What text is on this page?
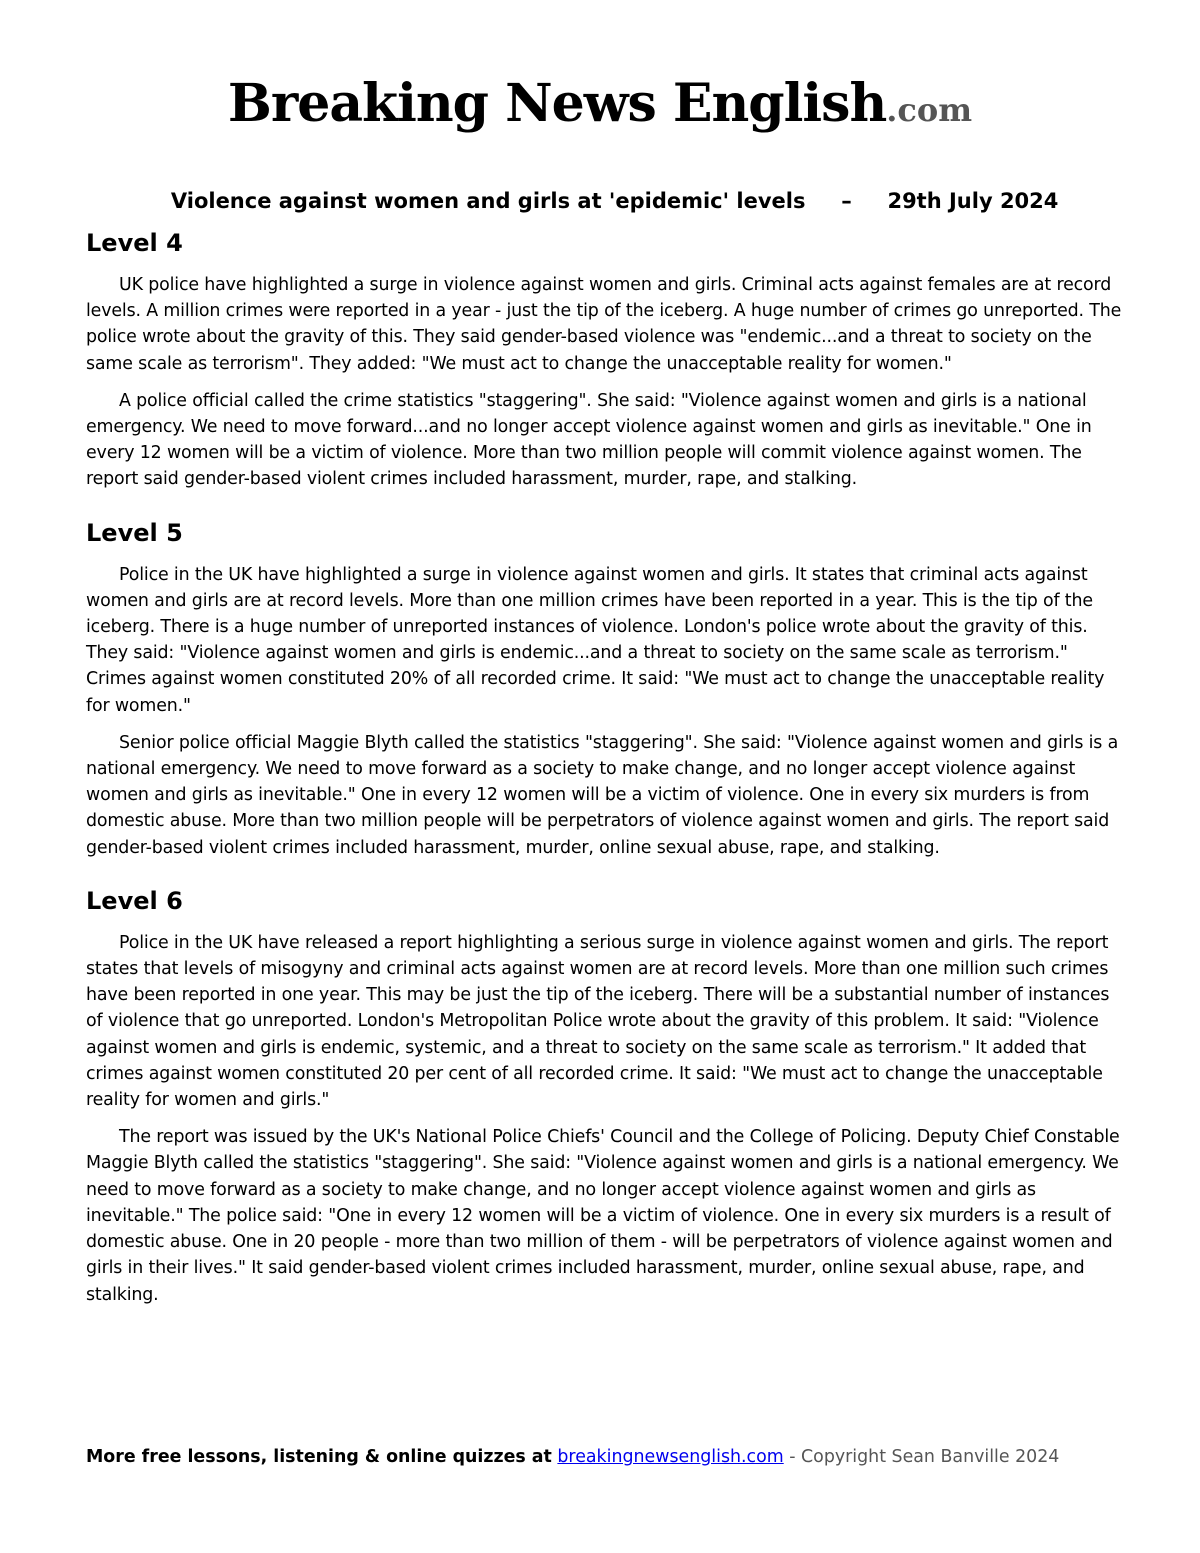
Breaking News English.com

Violence against women and girls at 'epidemic' levels – 29th July 2024

Level 4

UK police have highlighted a surge in violence against women and girls. Criminal acts against females are at record levels. A million crimes were reported in a year - just the tip of the iceberg. A huge number of crimes go unreported. The police wrote about the gravity of this. They said gender-based violence was "endemic...and a threat to society on the same scale as terrorism". They added: "We must act to change the unacceptable reality for women."

A police official called the crime statistics "staggering". She said: "Violence against women and girls is a national emergency. We need to move forward...and no longer accept violence against women and girls as inevitable." One in every 12 women will be a victim of violence. More than two million people will commit violence against women. The report said gender-based violent crimes included harassment, murder, rape, and stalking.

Level 5

Police in the UK have highlighted a surge in violence against women and girls. It states that criminal acts against women and girls are at record levels. More than one million crimes have been reported in a year. This is the tip of the iceberg. There is a huge number of unreported instances of violence. London's police wrote about the gravity of this. They said: "Violence against women and girls is endemic...and a threat to society on the same scale as terrorism." Crimes against women constituted 20% of all recorded crime. It said: "We must act to change the unacceptable reality for women."

Senior police official Maggie Blyth called the statistics "staggering". She said: "Violence against women and girls is a national emergency. We need to move forward as a society to make change, and no longer accept violence against women and girls as inevitable." One in every 12 women will be a victim of violence. One in every six murders is from domestic abuse. More than two million people will be perpetrators of violence against women and girls. The report said gender-based violent crimes included harassment, murder, online sexual abuse, rape, and stalking.

Level 6

Police in the UK have released a report highlighting a serious surge in violence against women and girls. The report states that levels of misogyny and criminal acts against women are at record levels. More than one million such crimes have been reported in one year. This may be just the tip of the iceberg. There will be a substantial number of instances of violence that go unreported. London's Metropolitan Police wrote about the gravity of this problem. It said: "Violence against women and girls is endemic, systemic, and a threat to society on the same scale as terrorism." It added that crimes against women constituted 20 per cent of all recorded crime. It said: "We must act to change the unacceptable reality for women and girls."

The report was issued by the UK's National Police Chiefs' Council and the College of Policing. Deputy Chief Constable Maggie Blyth called the statistics "staggering". She said: "Violence against women and girls is a national emergency. We need to move forward as a society to make change, and no longer accept violence against women and girls as inevitable." The police said: "One in every 12 women will be a victim of violence. One in every six murders is a result of domestic abuse. One in 20 people - more than two million of them - will be perpetrators of violence against women and girls in their lives." It said gender-based violent crimes included harassment, murder, online sexual abuse, rape, and stalking.

More free lessons, listening & online quizzes at breakingnewsenglish.com - Copyright Sean Banville 2024
